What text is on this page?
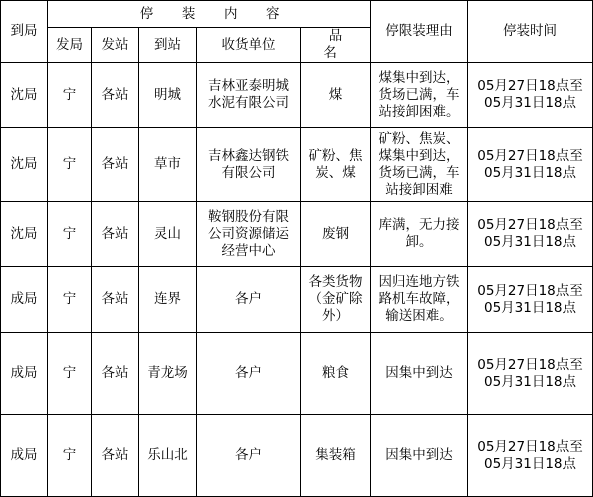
到局	停 装 内 容					停限装理由	停装时间
	发局	发站	到站	收货单位	品 名		
沈局	宁	各站	明城	吉林亚泰明城
水泥有限公司	煤	煤集中到达，
货场已满，车
站接卸困难。	05月27日18点至
05月31日18点

沈局	宁	各站	草市	吉林鑫达钢铁
有限公司	矿粉、焦
炭、煤	矿粉、焦炭、
煤集中到达，
货场已满，车
站接卸困难	05月27日18点至
05月31日18点

沈局	宁	各站	灵山	鞍钢股份有限
公司资源储运
经营中心	废钢	库满，无力接
卸。	05月27日18点至
05月31日18点

成局	宁	各站	连界	各户	各类货物
（金矿除
外）	因归连地方铁
路机车故障，
输送困难。	05月27日18点至
05月31日18点

成局	宁	各站	青龙场	各户	粮食	因集中到达	05月27日18点至
05月31日18点

成局	宁	各站	乐山北	各户	集装箱	因集中到达	05月27日18点至
05月31日18点
